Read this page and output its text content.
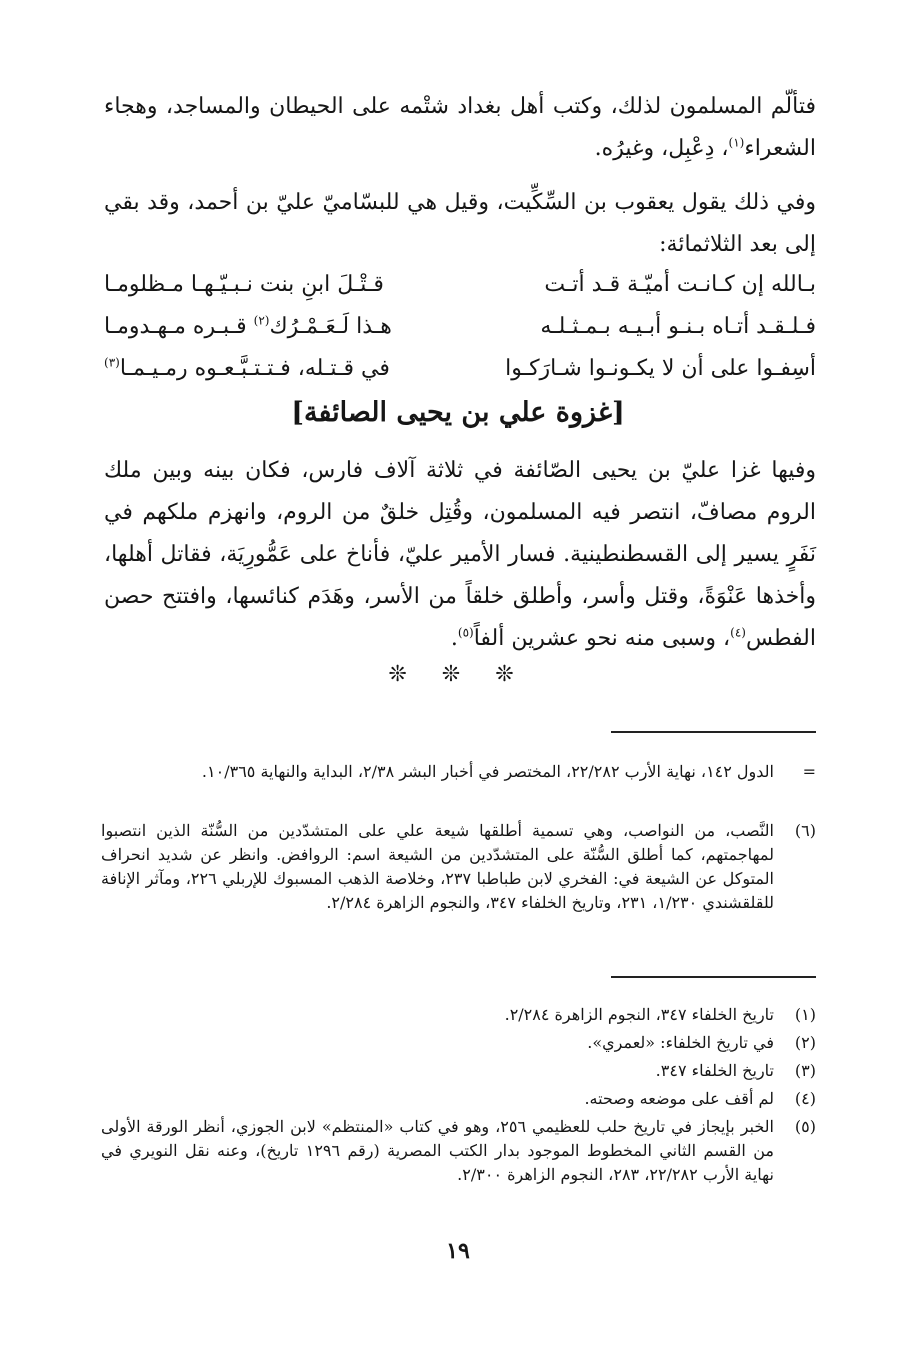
فتألّم المسلمون لذلك، وكتب أهل بغداد شتْمه على الحيطان والمساجد، وهجاء الشعراء$^{(١)}$، دِعْبِل، وغيرُه.
وفي ذلك يقول يعقوب بن السِّكِّيت، وقيل هي للبسّاميّ عليّ بن أحمد، وقد بقي إلى بعد الثلاثمائة:
بـالله إن كـانـت أميّـة قـد أتـت
قـتْـلَ ابنِ بنت نـبـيّـهـا مـظلومـا
فـلـقـد أتـاه بـنـو أبـيـه بـمـثـلـه
هـذا لَـعَـمْـرُك$^{(٢)}$ قـبـره مـهـدومـا
أسِفـوا على أن لا يكـونـوا شـارَكـوا
في قـتـله، فـتـتـبَّـعـوه رمـيـمـا$^{(٣)}$
[غزوة علي بن يحيى الصائفة]
وفيها غزا عليّ بن يحيى الصّائفة في ثلاثة آلاف فارس، فكان بينه وبين ملك الروم مصافّ، انتصر فيه المسلمون، وقُتِل خلقٌ من الروم، وانهزم ملكهم في نَفَرٍ يسير إلى القسطنطينية. فسار الأمير عليّ، فأناخ على عَمُّورِيَة، فقاتل أهلها، وأخذها عَنْوَةً، وقتل وأسر، وأطلق خلقاً من الأسر، وهَدَم كنائسها، وافتتح حصن الفطس$^{(٤)}$، وسبى منه نحو عشرين ألفاً$^{(٥)}$.
❊ ❊ ❊
=
الدول ١٤٢، نهاية الأرب ٢٢/٢٨٢، المختصر في أخبار البشر ٢/٣٨، البداية والنهاية ١٠/٣٦٥.
(٦)
النَّصب، من النواصب، وهي تسمية أطلقها شيعة علي على المتشدّدين من السُّنّة الذين انتصبوا لمهاجمتهم، كما أطلق السُّنّة على المتشدّدين من الشيعة اسم: الروافض. وانظر عن شديد انحراف المتوكل عن الشيعة في: الفخري لابن طباطبا ٢٣٧، وخلاصة الذهب المسبوك للإربلي ٢٢٦، ومآثر الإنافة للقلقشندي ١/٢٣٠، ٢٣١، وتاريخ الخلفاء ٣٤٧، والنجوم الزاهرة ٢/٢٨٤.
(١)
تاريخ الخلفاء ٣٤٧، النجوم الزاهرة ٢/٢٨٤.
(٢)
في تاريخ الخلفاء: «لعمري».
(٣)
تاريخ الخلفاء ٣٤٧.
(٤)
لم أقف على موضعه وصحته.
(٥)
الخبر بإيجاز في تاريخ حلب للعظيمي ٢٥٦، وهو في كتاب «المنتظم» لابن الجوزي، أنظر الورقة الأولى من القسم الثاني المخطوط الموجود بدار الكتب المصرية (رقم ١٢٩٦ تاريخ)، وعنه نقل النويري في نهاية الأرب ٢٢/٢٨٢، ٢٨٣، النجوم الزاهرة ٢/٣٠٠.
١٩
